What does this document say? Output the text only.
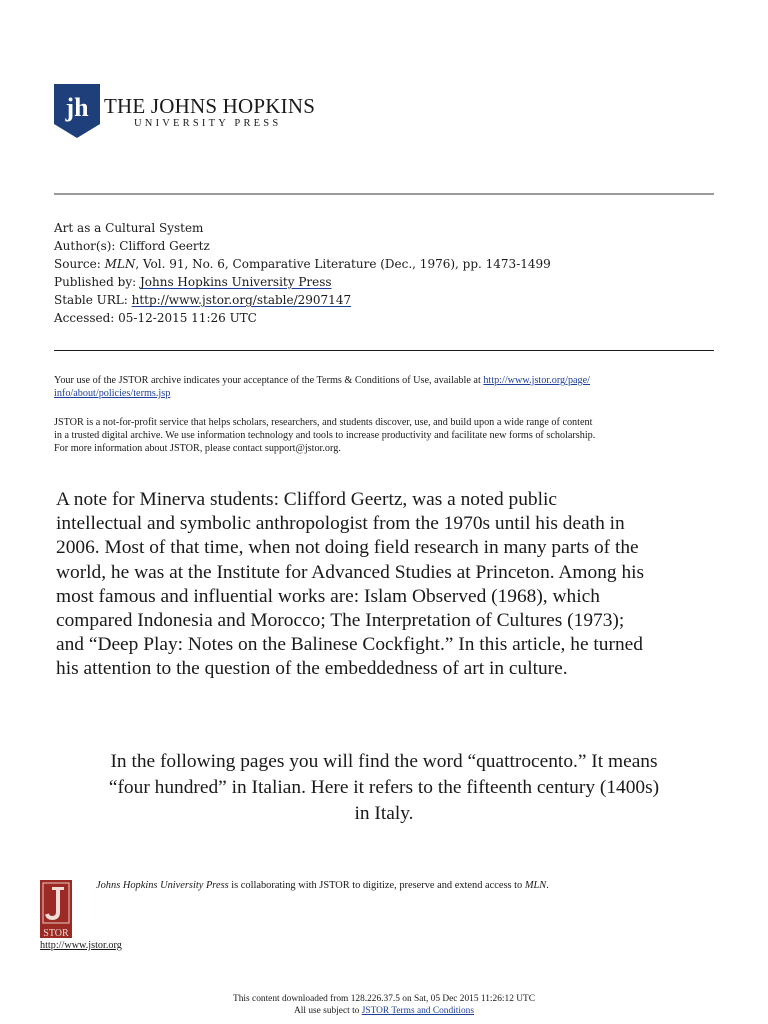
jh THE JOHNS HOPKINS
UNIVERSITY PRESS
Art as a Cultural System
Author(s): Clifford Geertz
Source: MLN, Vol. 91, No. 6, Comparative Literature (Dec., 1976), pp. 1473-1499
Published by: Johns Hopkins University Press
Stable URL: http://www.jstor.org/stable/2907147
Accessed: 05-12-2015 11:26 UTC
Your use of the JSTOR archive indicates your acceptance of the Terms & Conditions of Use, available at http://www.jstor.org/page/
info/about/policies/terms.jsp
JSTOR is a not-for-profit service that helps scholars, researchers, and students discover, use, and build upon a wide range of content
in a trusted digital archive. We use information technology and tools to increase productivity and facilitate new forms of scholarship.
For more information about JSTOR, please contact support@jstor.org.
A note for Minerva students: Clifford Geertz, was a noted public
intellectual and symbolic anthropologist from the 1970s until his death in
2006. Most of that time, when not doing field research in many parts of the
world, he was at the Institute for Advanced Studies at Princeton. Among his
most famous and influential works are: Islam Observed (1968), which
compared Indonesia and Morocco; The Interpretation of Cultures (1973);
and “Deep Play: Notes on the Balinese Cockfight.” In this article, he turned
his attention to the question of the embeddedness of art in culture.
In the following pages you will find the word “quattrocento.” It means
“four hundred” in Italian. Here it refers to the fifteenth century (1400s)
in Italy.
STOR
Johns Hopkins University Press is collaborating with JSTOR to digitize, preserve and extend access to MLN.
http://www.jstor.org
This content downloaded from 128.226.37.5 on Sat, 05 Dec 2015 11:26:12 UTC
All use subject to JSTOR Terms and Conditions
